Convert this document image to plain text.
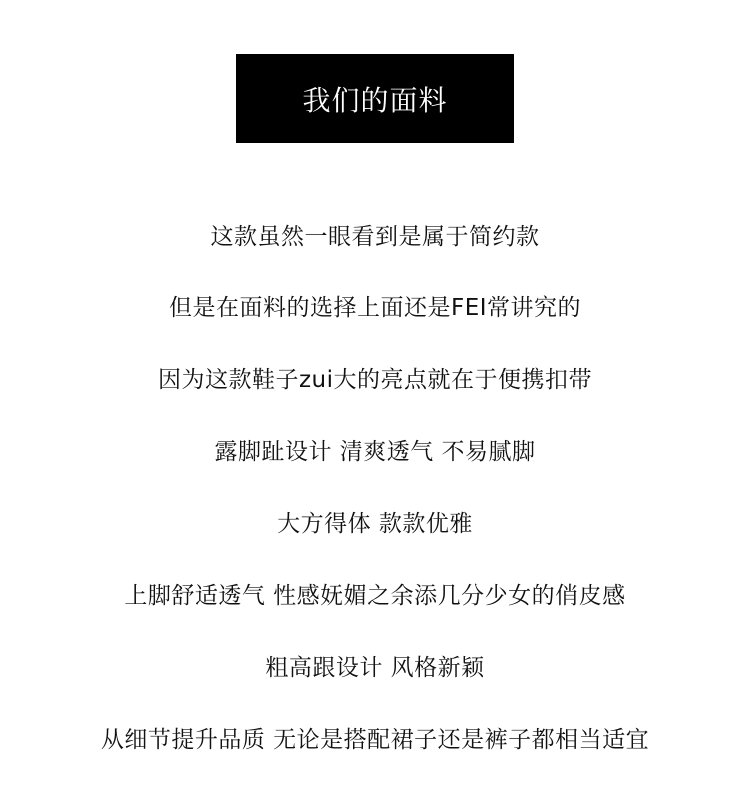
我们的面料
这款虽然一眼看到是属于简约款
但是在面料的选择上面还是FEI常讲究的
因为这款鞋子zui大的亮点就在于便携扣带
露脚趾设计 清爽透气 不易腻脚
大方得体 款款优雅
上脚舒适透气 性感妩媚之余添几分少女的俏皮感
粗高跟设计 风格新颖
从细节提升品质 无论是搭配裙子还是裤子都相当适宜
